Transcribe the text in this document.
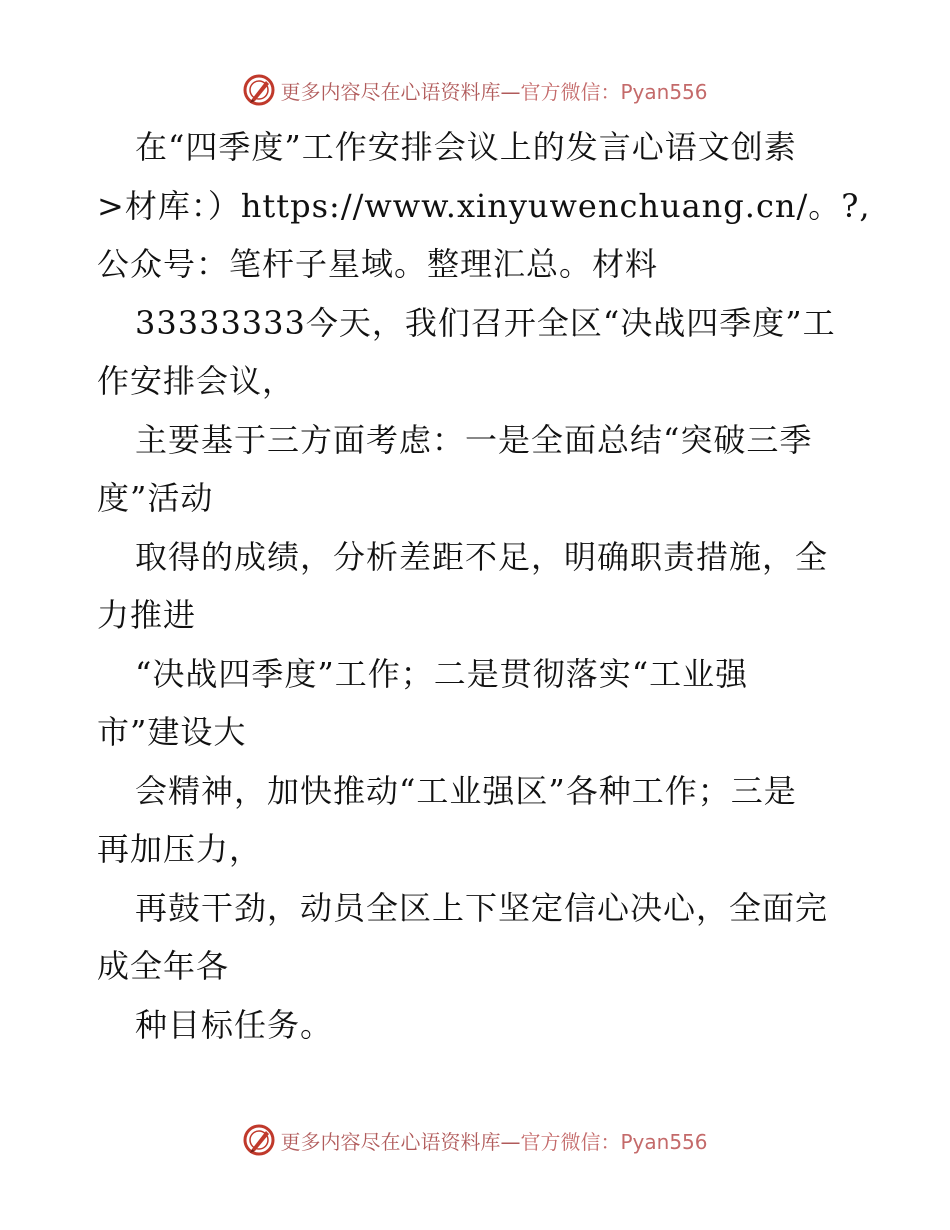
更多内容尽在心语资料库—官方微信：Pyan556
在“四季度”工作安排会议上的发言心语文创素
>材库：）https://www.xinyuwenchuang.cn/。?,
公众号：笔杆子星域。整理汇总。材料
33333333今天，我们召开全区“决战四季度”工
作安排会议，
主要基于三方面考虑：一是全面总结“突破三季
度”活动
取得的成绩，分析差距不足，明确职责措施，全
力推进
“决战四季度”工作；二是贯彻落实“工业强
市”建设大
会精神，加快推动“工业强区”各种工作；三是
再加压力，
再鼓干劲，动员全区上下坚定信心决心，全面完
成全年各
种目标任务。
更多内容尽在心语资料库—官方微信：Pyan556
